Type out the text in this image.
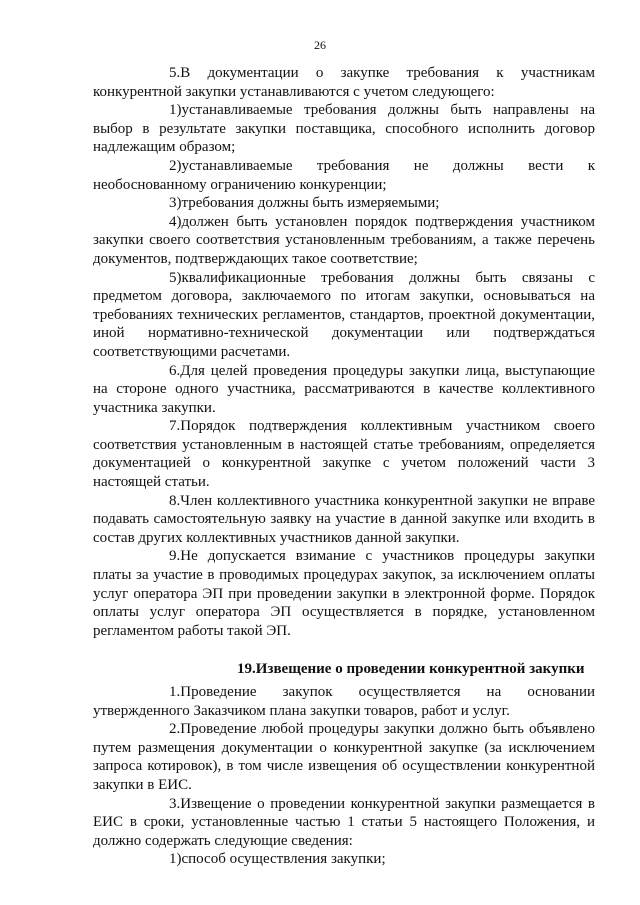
26

5.В документации о закупке требования к участникам конкурентной закупки устанавливаются с учетом следующего:

1)устанавливаемые требования должны быть направлены на выбор в результате закупки поставщика, способного исполнить договор надлежащим образом;

2)устанавливаемые требования не должны вести к необоснованному ограничению конкуренции;

3)требования должны быть измеряемыми;

4)должен быть установлен порядок подтверждения участником закупки своего соответствия установленным требованиям, а также перечень документов, подтверждающих такое соответствие;

5)квалификационные требования должны быть связаны с предметом договора, заключаемого по итогам закупки, основываться на требованиях технических регламентов, стандартов, проектной документации, иной нормативно-технической документации или подтверждаться соответствующими расчетами.

6.Для целей проведения процедуры закупки лица, выступающие на стороне одного участника, рассматриваются в качестве коллективного участника закупки.

7.Порядок подтверждения коллективным участником своего соответствия установленным в настоящей статье требованиям, определяется документацией о конкурентной закупке с учетом положений части 3 настоящей статьи.

8.Член коллективного участника конкурентной закупки не вправе подавать самостоятельную заявку на участие в данной закупке или входить в состав других коллективных участников данной закупки.

9.Не допускается взимание с участников процедуры закупки платы за участие в проводимых процедурах закупок, за исключением оплаты услуг оператора ЭП при проведении закупки в электронной форме. Порядок оплаты услуг оператора ЭП осуществляется в порядке, установленном регламентом работы такой ЭП.

19.Извещение о проведении конкурентной закупки

1.Проведение закупок осуществляется на основании утвержденного Заказчиком плана закупки товаров, работ и услуг.

2.Проведение любой процедуры закупки должно быть объявлено путем размещения документации о конкурентной закупке (за исключением запроса котировок), в том числе извещения об осуществлении конкурентной закупки в ЕИС.

3.Извещение о проведении конкурентной закупки размещается в ЕИС в сроки, установленные частью 1 статьи 5 настоящего Положения, и должно содержать следующие сведения:

1)способ осуществления закупки;
